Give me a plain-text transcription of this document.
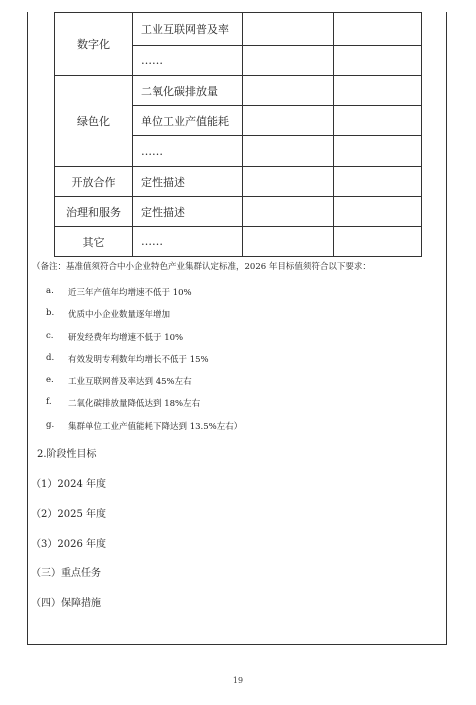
数字化	工业互联网普及率		
	……		
绿色化	二氧化碳排放量		
	单位工业产值能耗		
	……		
开放合作	定性描述		
治理和服务	定性描述		
其它	……		
（备注：基准值须符合中小企业特色产业集群认定标准，2026 年目标值须符合以下要求：
a.	近三年产值年均增速不低于 10%
b.	优质中小企业数量逐年增加
c.	研发经费年均增速不低于 10%
d.	有效发明专利数年均增长不低于 15%
e.	工业互联网普及率达到 45%左右
f.	二氧化碳排放量降低达到 18%左右
g.	集群单位工业产值能耗下降达到 13.5%左右）
2.阶段性目标
（1）2024 年度
（2）2025 年度
（3）2026 年度
（三）重点任务
（四）保障措施
19
